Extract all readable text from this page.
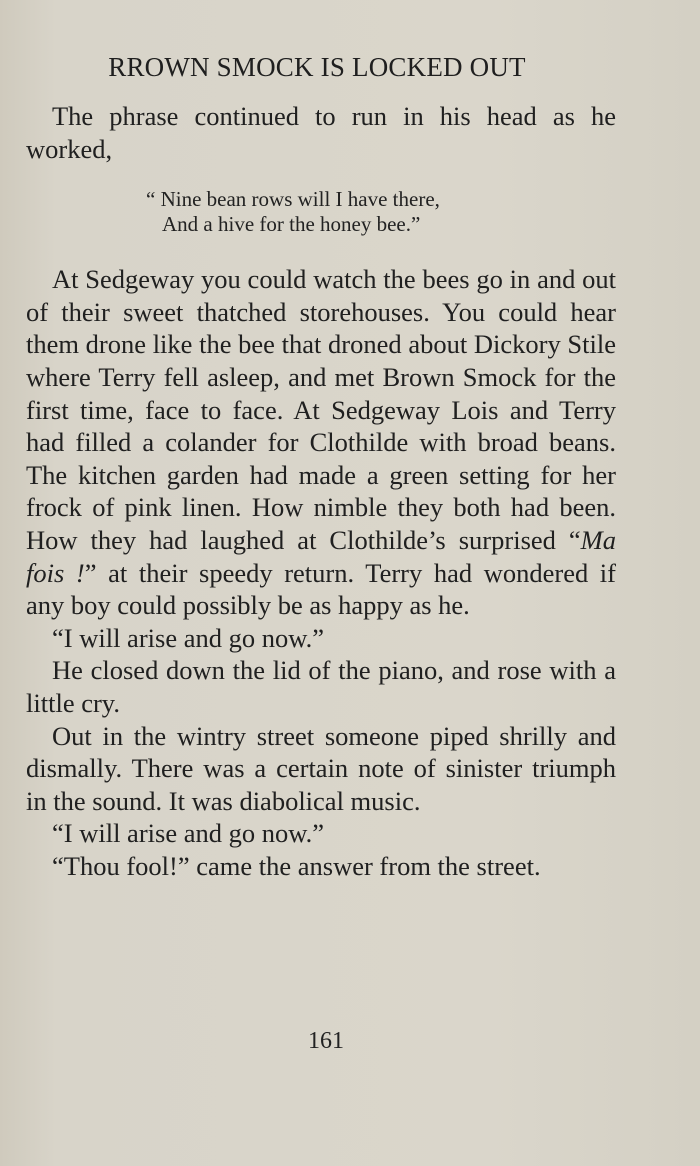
RROWN SMOCK IS LOCKED OUT

The phrase continued to run in his head as he worked,

“ Nine bean rows will I have there,
And a hive for the honey bee.”

At Sedgeway you could watch the bees go in and out of their sweet thatched storehouses. You could hear them drone like the bee that droned about Dickory Stile where Terry fell asleep, and met Brown Smock for the first time, face to face. At Sedgeway Lois and Terry had filled a colander for Clothilde with broad beans. The kitchen garden had made a green setting for her frock of pink linen. How nimble they both had been. How they had laughed at Clothilde’s surprised “Ma fois !” at their speedy return. Terry had wondered if any boy could possibly be as happy as he.

“I will arise and go now.”

He closed down the lid of the piano, and rose with a little cry.

Out in the wintry street someone piped shrilly and dismally. There was a certain note of sinister triumph in the sound. It was diabolical music.

“I will arise and go now.”

“Thou fool!” came the answer from the street.

161
